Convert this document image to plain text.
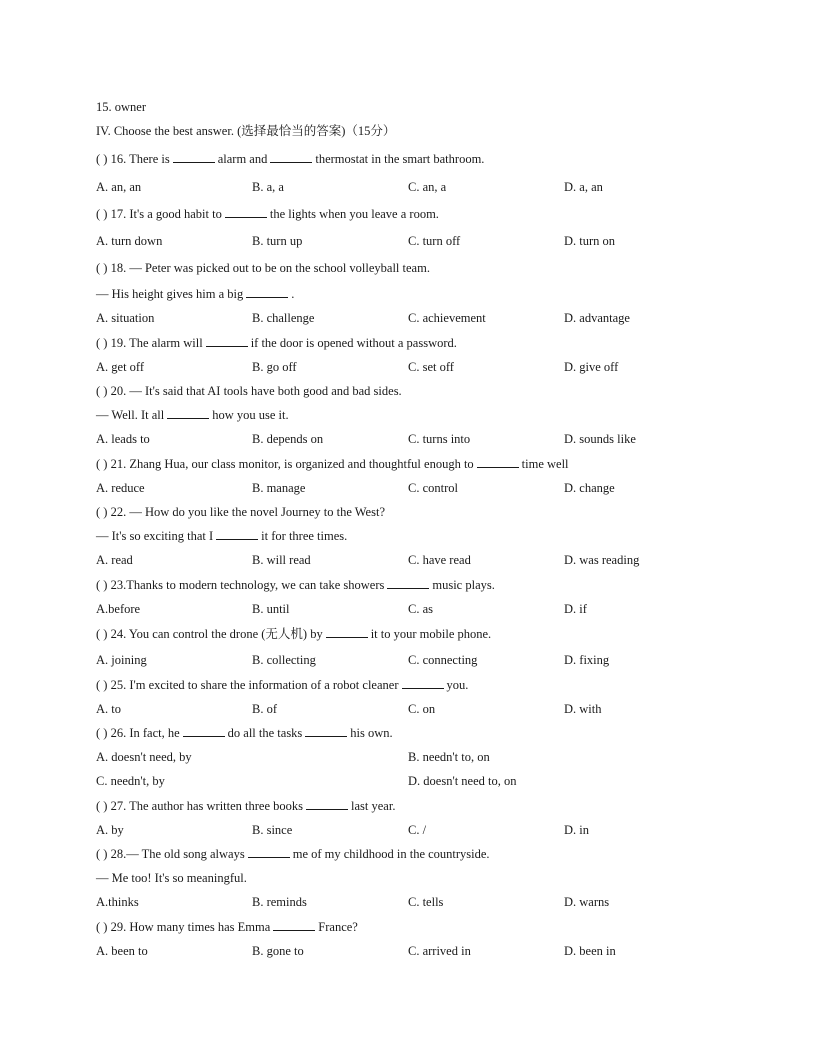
15. owner
IV. Choose the best answer. (选择最恰当的答案)（15分）
( ) 16. There is	alarm and	thermostat in the smart bathroom.
A. an, an	B. a, a	C. an, a	D. a, an
( ) 17. It's a good habit to	the lights when you leave a room.
A. turn down	B. turn up	C. turn off	D. turn on
( ) 18. — Peter was picked out to be on the school volleyball team.
— His height gives him a big	.
A. situation	B. challenge	C. achievement	D. advantage
( ) 19. The alarm will	if the door is opened without a password.
A. get off	B. go off	C. set off	D. give off
( ) 20. — It's said that AI tools have both good and bad sides.
— Well. It all	how you use it.
A. leads to	B. depends on	C. turns into	D. sounds like
( ) 21. Zhang Hua, our class monitor, is organized and thoughtful enough to	time well
A. reduce	B. manage	C. control	D. change
( ) 22. — How do you like the novel Journey to the West?
— It's so exciting that I	it for three times.
A. read	B. will read	C. have read	D. was reading
( ) 23.Thanks to modern technology, we can take showers	music plays.
A.before	B. until	C. as	D. if
( ) 24. You can control the drone (无人机) by	it to your mobile phone.
A. joining	B. collecting	C. connecting	D. fixing
( ) 25. I'm excited to share the information of a robot cleaner	you.
A. to	B. of	C. on	D. with
( ) 26. In fact, he	do all the tasks	his own.
A. doesn't need, by	B. needn't to, on
C. needn't, by	D. doesn't need to, on
( ) 27. The author has written three books	last year.
A. by	B. since	C. /	D. in
( ) 28.— The old song always	me of my childhood in the countryside.
— Me too! It's so meaningful.
A.thinks	B. reminds	C. tells	D. warns
( ) 29. How many times has Emma	France?
A. been to	B. gone to	C. arrived in	D. been in
